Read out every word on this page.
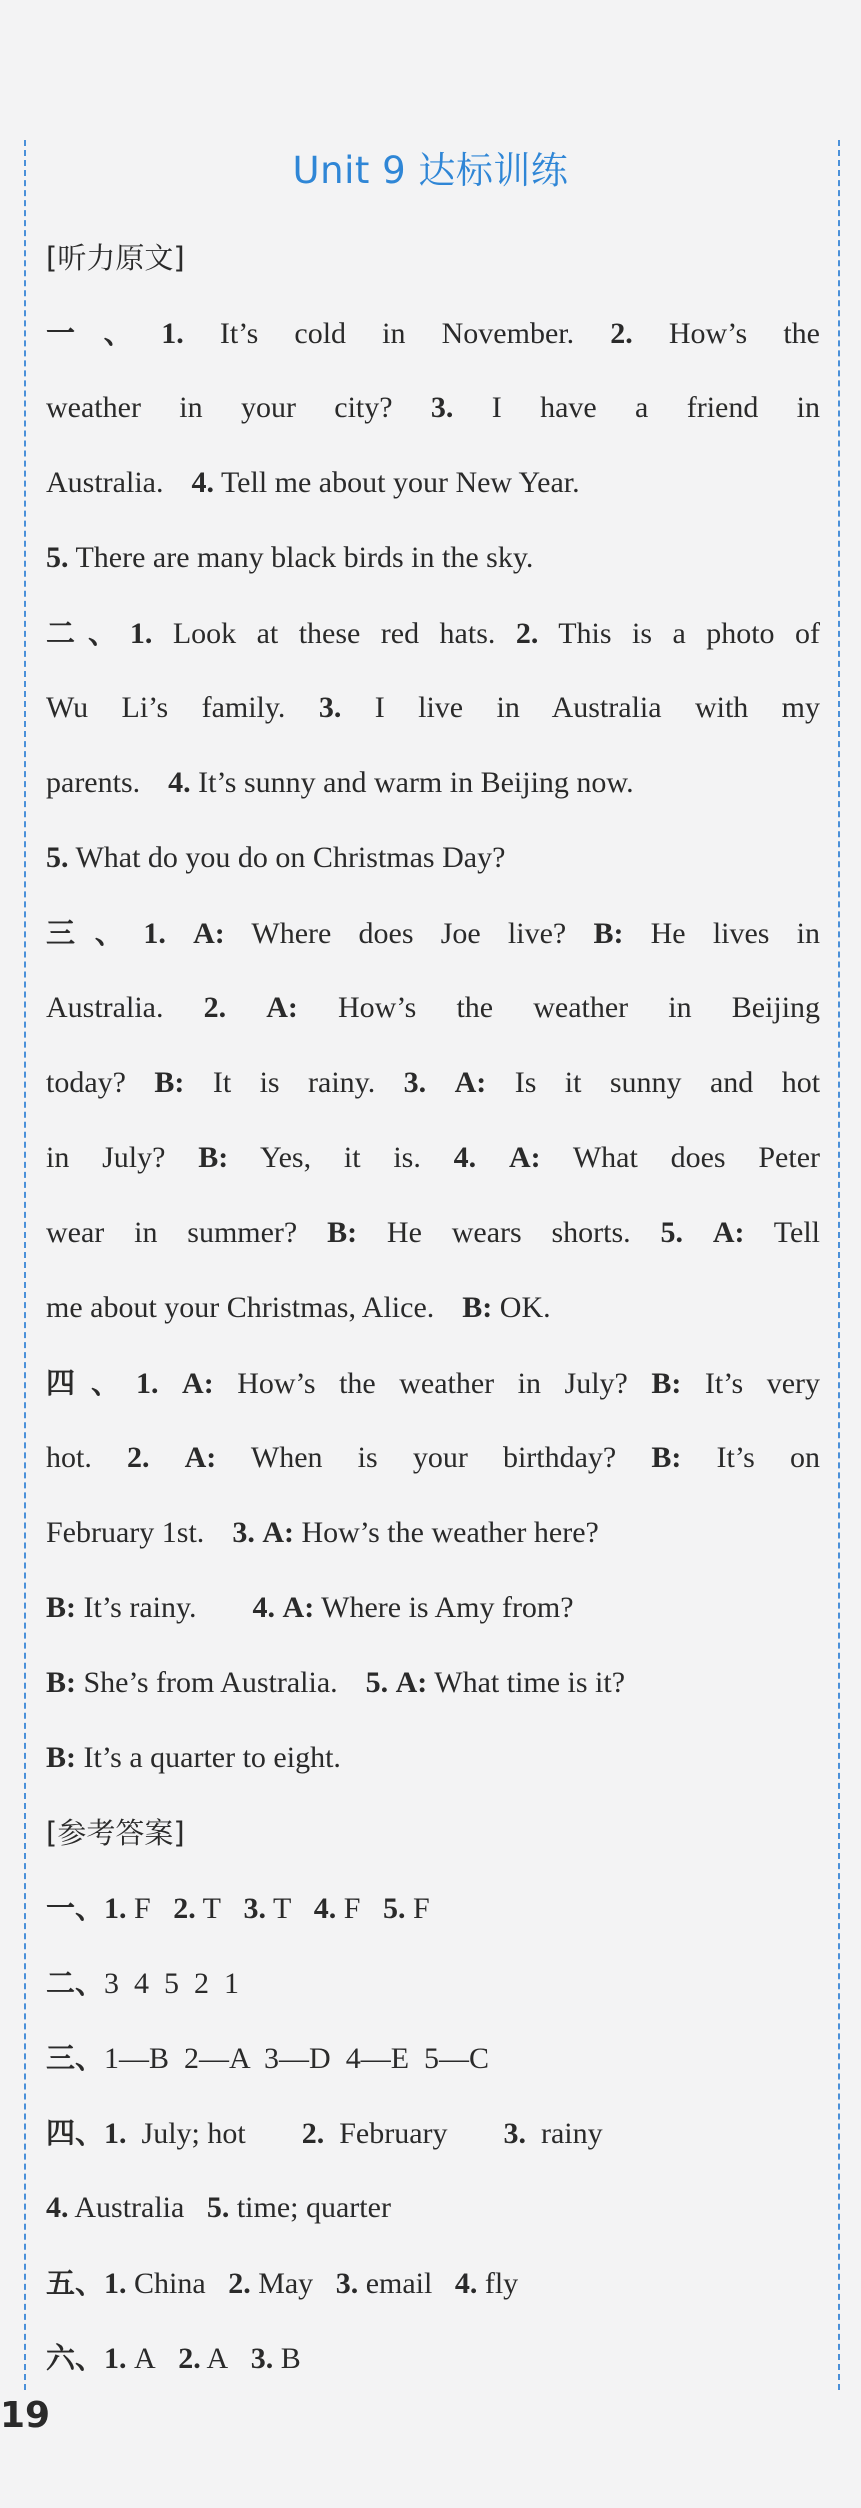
Unit 9 达标训练
[听力原文]
一、1. It’s cold in November. 2. How’s the
weather in your city? 3. I have a friend in
Australia. 4. Tell me about your New Year.
5. There are many black birds in the sky.
二、1. Look at these red hats. 2. This is a photo of
Wu Li’s family. 3. I live in Australia with my
parents. 4. It’s sunny and warm in Beijing now.
5. What do you do on Christmas Day?
三、1. A: Where does Joe live? B: He lives in
Australia. 2. A: How’s the weather in Beijing
today? B: It is rainy. 3. A: Is it sunny and hot
in July? B: Yes, it is. 4. A: What does Peter
wear in summer? B: He wears shorts. 5. A: Tell
me about your Christmas, Alice. B: OK.
四、1. A: How’s the weather in July? B: It’s very
hot. 2. A: When is your birthday? B: It’s on
February 1st. 3. A: How’s the weather here?
B: It’s rainy. 4. A: Where is Amy from?
B: She’s from Australia. 5. A: What time is it?
B: It’s a quarter to eight.
[参考答案]
一、1. F 2. T 3. T 4. F 5. F
二、3  4  5  2  1
三、1—B  2—A  3—D  4—E  5—C
四、1. July; hot 2. February 3. rainy
4. Australia 5. time; quarter
五、1. China 2. May 3. email 4. fly
六、1. A 2. A 3. B
19
